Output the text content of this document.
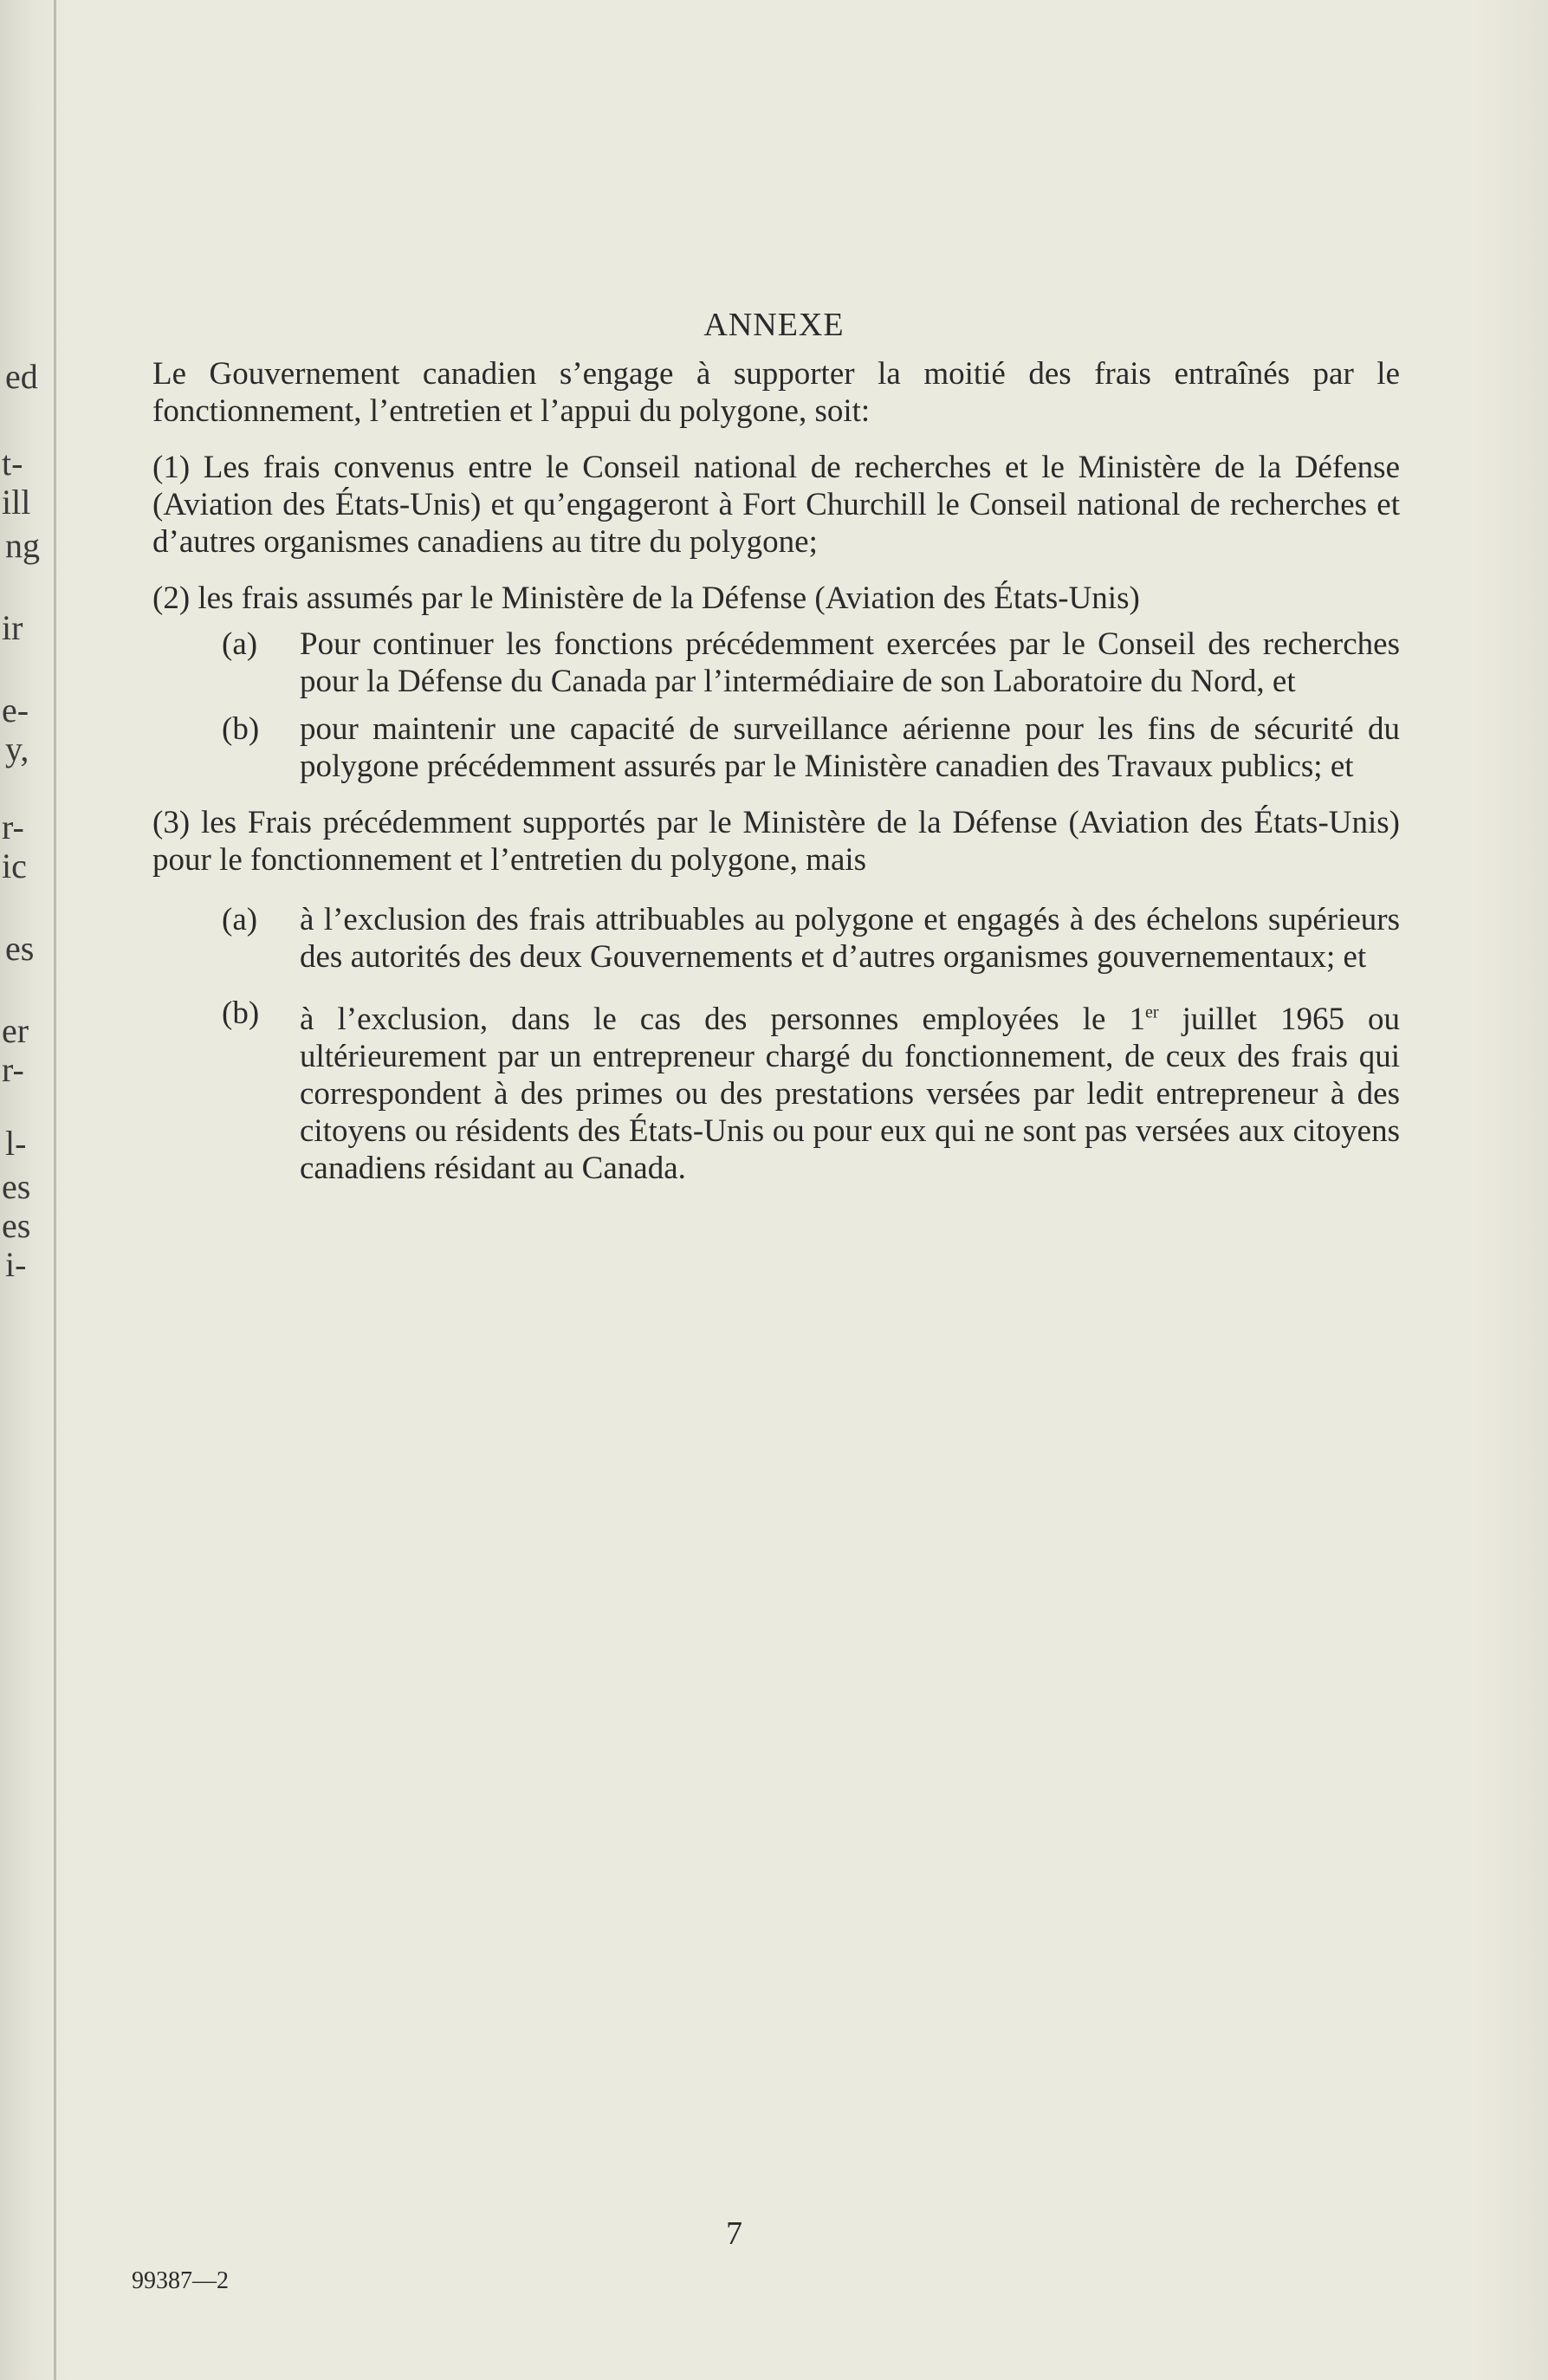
ed
t-
ill
ng
ir
e-
y,
r-
ic
es
er
r-
l-
es
es
i-
ANNEXE

Le Gouvernement canadien s’engage à supporter la moitié des frais entraînés par le fonctionnement, l’entretien et l’appui du polygone, soit:

(1) Les frais convenus entre le Conseil national de recherches et le Ministère de la Défense (Aviation des États-Unis) et qu’engageront à Fort Churchill le Conseil national de recherches et d’autres organismes canadiens au titre du polygone;

(2) les frais assumés par le Ministère de la Défense (Aviation des États-Unis)

(a) Pour continuer les fonctions précédemment exercées par le Conseil des recherches pour la Défense du Canada par l’intermédiaire de son Laboratoire du Nord, et
(b) pour maintenir une capacité de surveillance aérienne pour les fins de sécurité du polygone précédemment assurés par le Ministère canadien des Travaux publics; et

(3) les Frais précédemment supportés par le Ministère de la Défense (Aviation des États-Unis) pour le fonctionnement et l’entretien du polygone, mais

(a) à l’exclusion des frais attribuables au polygone et engagés à des échelons supérieurs des autorités des deux Gouvernements et d’autres organismes gouvernementaux; et
(b) à l’exclusion, dans le cas des personnes employées le 1er juillet 1965 ou ultérieurement par un entrepreneur chargé du fonctionnement, de ceux des frais qui correspondent à des primes ou des prestations versées par ledit entrepreneur à des citoyens ou résidents des États-Unis ou pour eux qui ne sont pas versées aux citoyens canadiens résidant au Canada.
7
99387—2
